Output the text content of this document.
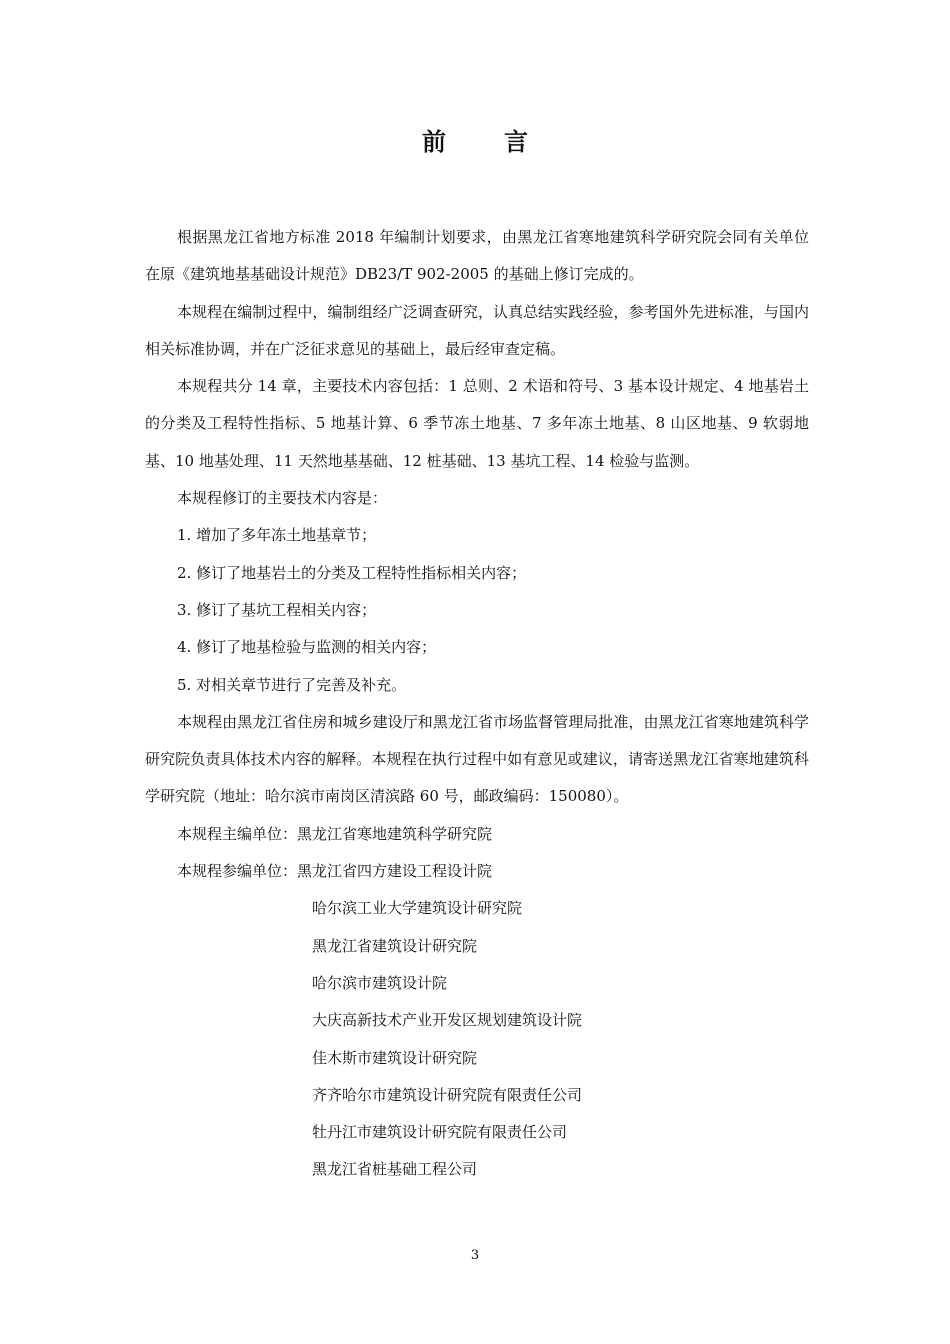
前 言

根据黑龙江省地方标准 2018 年编制计划要求，由黑龙江省寒地建筑科学研究院会同有关单位在原《建筑地基基础设计规范》DB23/T 902-2005 的基础上修订完成的。

本规程在编制过程中，编制组经广泛调查研究，认真总结实践经验，参考国外先进标准，与国内相关标准协调，并在广泛征求意见的基础上，最后经审查定稿。

本规程共分 14 章，主要技术内容包括：1 总则、2 术语和符号、3 基本设计规定、4 地基岩土的分类及工程特性指标、5 地基计算、6 季节冻土地基、7 多年冻土地基、8 山区地基、9 软弱地基、10 地基处理、11 天然地基基础、12 桩基础、13 基坑工程、14 检验与监测。

本规程修订的主要技术内容是：

1. 增加了多年冻土地基章节；

2. 修订了地基岩土的分类及工程特性指标相关内容；

3. 修订了基坑工程相关内容；

4. 修订了地基检验与监测的相关内容；

5. 对相关章节进行了完善及补充。

本规程由黑龙江省住房和城乡建设厅和黑龙江省市场监督管理局批准，由黑龙江省寒地建筑科学研究院负责具体技术内容的解释。本规程在执行过程中如有意见或建议，请寄送黑龙江省寒地建筑科学研究院（地址：哈尔滨市南岗区清滨路 60 号，邮政编码：150080）。

本规程主编单位：黑龙江省寒地建筑科学研究院

本规程参编单位：黑龙江省四方建设工程设计院

哈尔滨工业大学建筑设计研究院
黑龙江省建筑设计研究院
哈尔滨市建筑设计院
大庆高新技术产业开发区规划建筑设计院
佳木斯市建筑设计研究院
齐齐哈尔市建筑设计研究院有限责任公司
牡丹江市建筑设计研究院有限责任公司
黑龙江省桩基础工程公司
3
